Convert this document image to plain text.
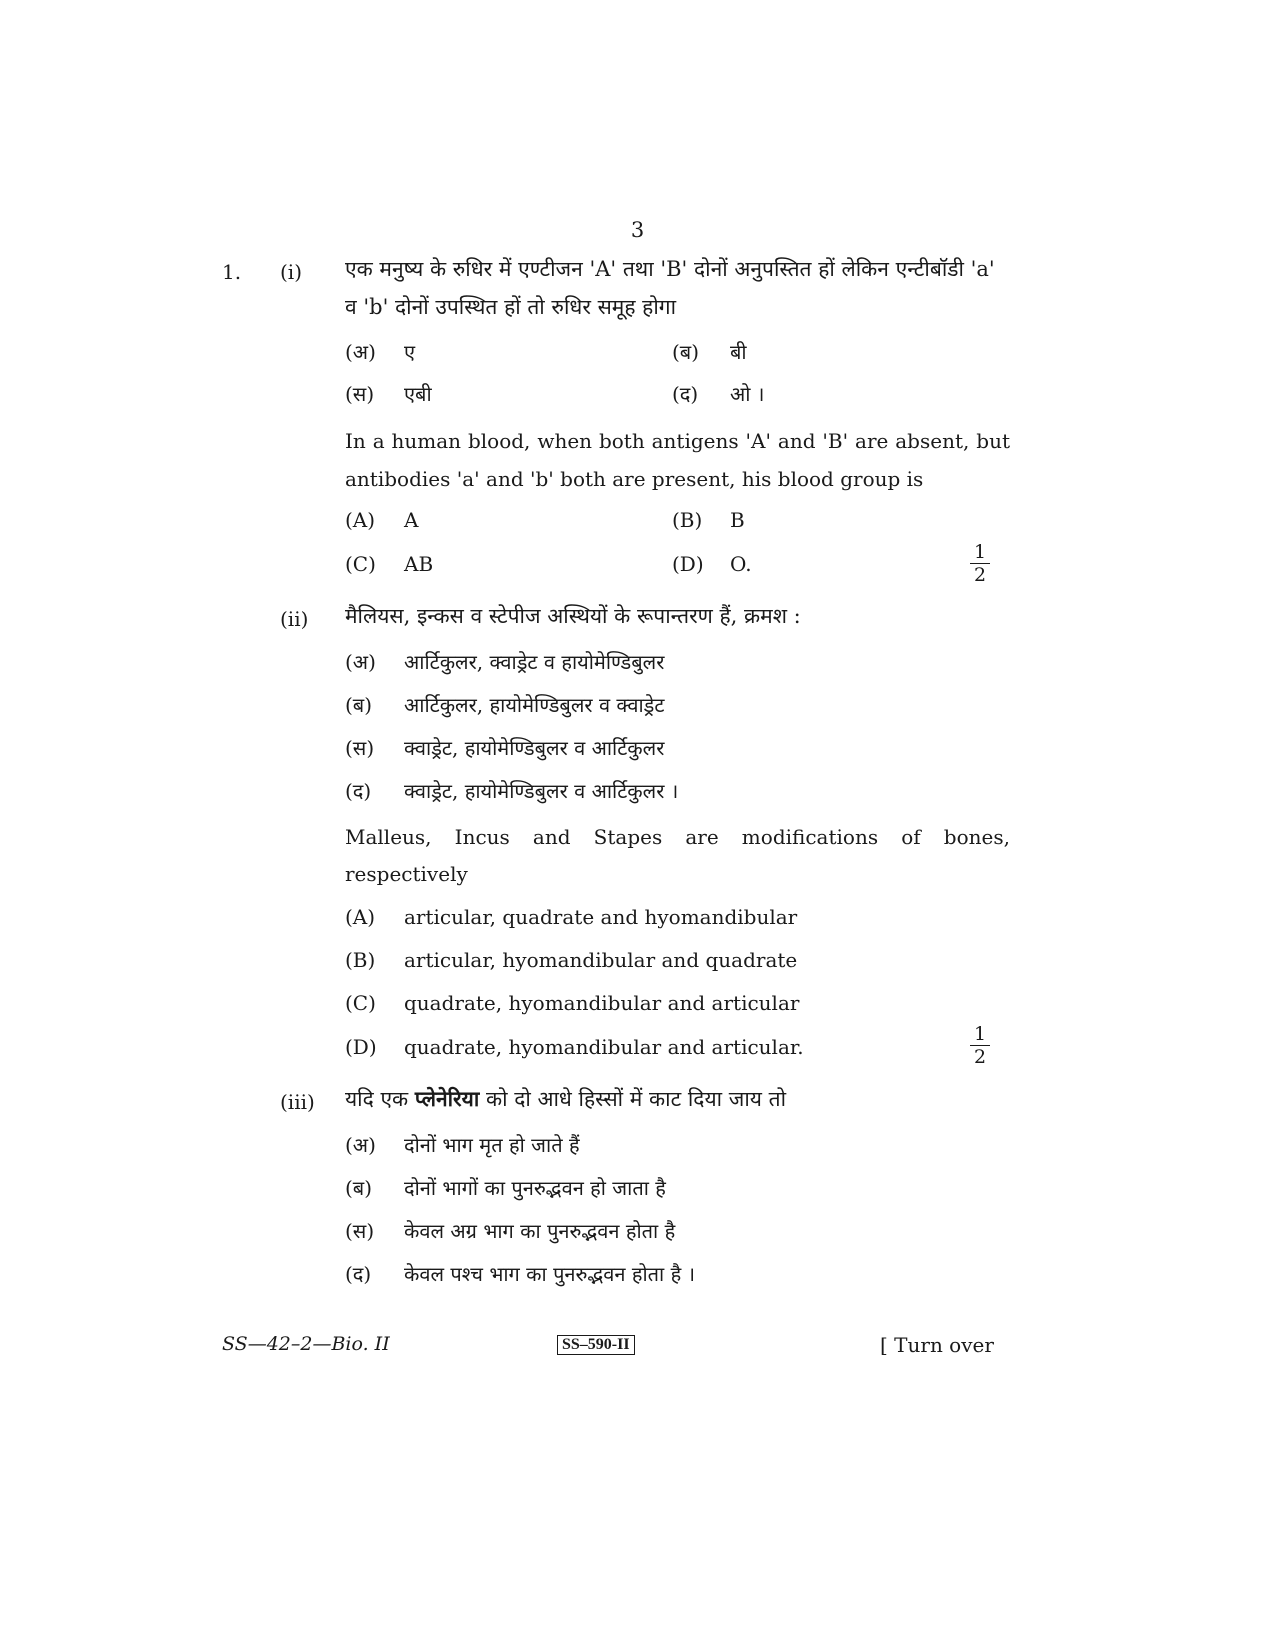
3
1. (i) एक मनुष्य के रुधिर में एण्टीजन 'A' तथा 'B' दोनों अनुपस्तित हों लेकिन एन्टीबॉडी 'a' व 'b' दोनों उपस्थित हों तो रुधिर समूह होगा
(अ) ए	(ब) बी
(स) एबी	(द) ओ ।
In a human blood, when both antigens 'A' and 'B' are absent, but antibodies 'a' and 'b' both are present, his blood group is
(A) A	(B) B
(C) AB	(D) O.	1
2
(ii) मैलियस, इन्कस व स्टेपीज अस्थियों के रूपान्तरण हैं, क्रमश :
(अ) आर्टिकुलर, क्वाड्रेट व हायोमेण्डिबुलर
(ब) आर्टिकुलर, हायोमेण्डिबुलर व क्वाड्रेट
(स) क्वाड्रेट, हायोमेण्डिबुलर व आर्टिकुलर
(द) क्वाड्रेट, हायोमेण्डिबुलर व आर्टिकुलर ।
Malleus, Incus and Stapes are modifications of bones,
respectively
(A) articular, quadrate and hyomandibular
(B) articular, hyomandibular and quadrate
(C) quadrate, hyomandibular and articular
(D) quadrate, hyomandibular and articular.
1
2
(iii) यदि एक प्लेनेरिया को दो आधे हिस्सों में काट दिया जाय तो
(अ) दोनों भाग मृत हो जाते हैं
(ब) दोनों भागों का पुनरुद्भवन हो जाता है
(स) केवल अग्र भाग का पुनरुद्भवन होता है
(द) केवल पश्च भाग का पुनरुद्भवन होता है ।
SS—42–2—Bio. II	SS–590-II	[ Turn over
